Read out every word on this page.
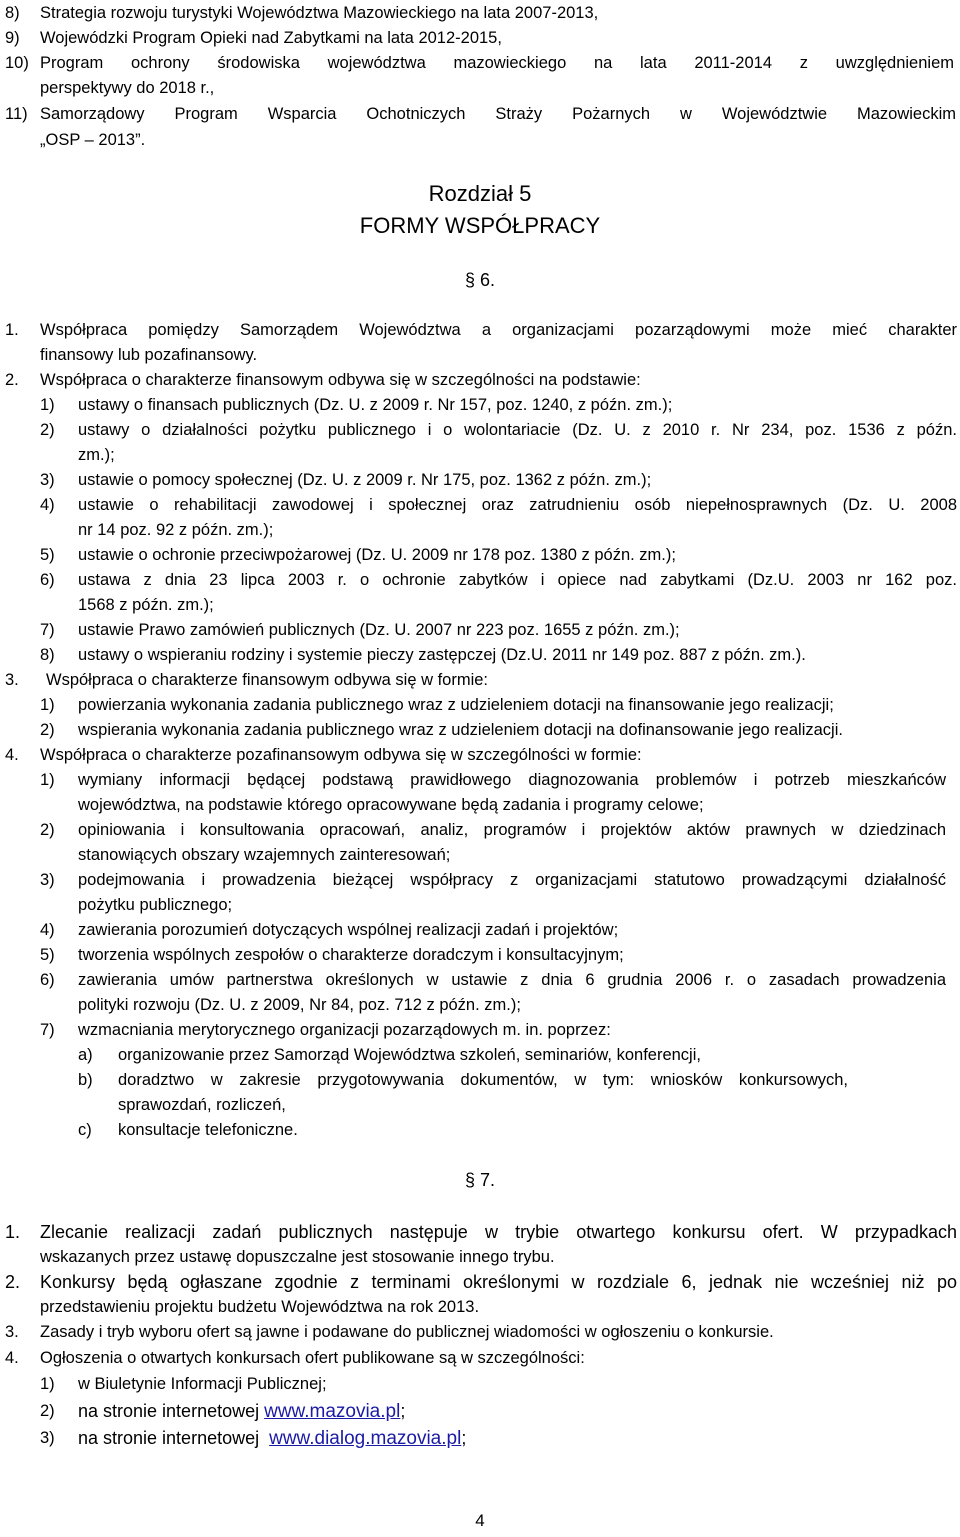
8) Strategia rozwoju turystyki Województwa Mazowieckiego na lata 2007-2013,
9) Wojewódzki Program Opieki nad Zabytkami na lata 2012-2015,
10) Program ochrony środowiska województwa mazowieckiego na lata 2011-2014 z uwzględnieniem
perspektywy do 2018 r.,
11) Samorządowy Program Wsparcia Ochotniczych Straży Pożarnych w Województwie Mazowieckim
„OSP – 2013”.
Rozdział 5
FORMY WSPÓŁPRACY
§ 6.
1. Współpraca pomiędzy Samorządem Województwa a organizacjami pozarządowymi może mieć charakter
finansowy lub pozafinansowy.
2. Współpraca o charakterze finansowym odbywa się w szczególności na podstawie:
1) ustawy o finansach publicznych (Dz. U. z 2009 r. Nr 157, poz. 1240, z późn. zm.);
2) ustawy o działalności pożytku publicznego i o wolontariacie (Dz. U. z 2010 r. Nr 234, poz. 1536 z późn.
zm.);
3) ustawie o pomocy społecznej (Dz. U. z 2009 r. Nr 175, poz. 1362 z późn. zm.);
4) ustawie o rehabilitacji zawodowej i społecznej oraz zatrudnieniu osób niepełnosprawnych (Dz. U. 2008
nr 14 poz. 92 z późn. zm.);
5) ustawie o ochronie przeciwpożarowej (Dz. U. 2009 nr 178 poz. 1380 z późn. zm.);
6) ustawa z dnia 23 lipca 2003 r. o ochronie zabytków i opiece nad zabytkami (Dz.U. 2003 nr 162 poz.
1568 z późn. zm.);
7) ustawie Prawo zamówień publicznych (Dz. U. 2007 nr 223 poz. 1655 z późn. zm.);
8) ustawy o wspieraniu rodziny i systemie pieczy zastępczej (Dz.U. 2011 nr 149 poz. 887 z późn. zm.).
3. Współpraca o charakterze finansowym odbywa się w formie:
1) powierzania wykonania zadania publicznego wraz z udzieleniem dotacji na finansowanie jego realizacji;
2) wspierania wykonania zadania publicznego wraz z udzieleniem dotacji na dofinansowanie jego realizacji.
4. Współpraca o charakterze pozafinansowym odbywa się w szczególności w formie:
1) wymiany informacji będącej podstawą prawidłowego diagnozowania problemów i potrzeb mieszkańców
województwa, na podstawie którego opracowywane będą zadania i programy celowe;
2) opiniowania i konsultowania opracowań, analiz, programów i projektów aktów prawnych w dziedzinach
stanowiących obszary wzajemnych zainteresowań;
3) podejmowania i prowadzenia bieżącej współpracy z organizacjami statutowo prowadzącymi działalność
pożytku publicznego;
4) zawierania porozumień dotyczących wspólnej realizacji zadań i projektów;
5) tworzenia wspólnych zespołów o charakterze doradczym i konsultacyjnym;
6) zawierania umów partnerstwa określonych w ustawie z dnia 6 grudnia 2006 r. o zasadach prowadzenia
polityki rozwoju (Dz. U. z 2009, Nr 84, poz. 712 z późn. zm.);
7) wzmacniania merytorycznego organizacji pozarządowych m. in. poprzez:
a) organizowanie przez Samorząd Województwa szkoleń, seminariów, konferencji,
b) doradztwo w zakresie przygotowywania dokumentów, w tym: wniosków konkursowych,
sprawozdań, rozliczeń,
c) konsultacje telefoniczne.
§ 7.
1. Zlecanie realizacji zadań publicznych następuje w trybie otwartego konkursu ofert. W przypadkach
wskazanych przez ustawę dopuszczalne jest stosowanie innego trybu.
2. Konkursy będą ogłaszane zgodnie z terminami określonymi w rozdziale 6, jednak nie wcześniej niż po
przedstawieniu projektu budżetu Województwa na rok 2013.
3. Zasady i tryb wyboru ofert są jawne i podawane do publicznej wiadomości w ogłoszeniu o konkursie.
4. Ogłoszenia o otwartych konkursach ofert publikowane są w szczególności:
1) w Biuletynie Informacji Publicznej;
2) na stronie internetowej www.mazovia.pl;
3) na stronie internetowej  www.dialog.mazovia.pl;
4
